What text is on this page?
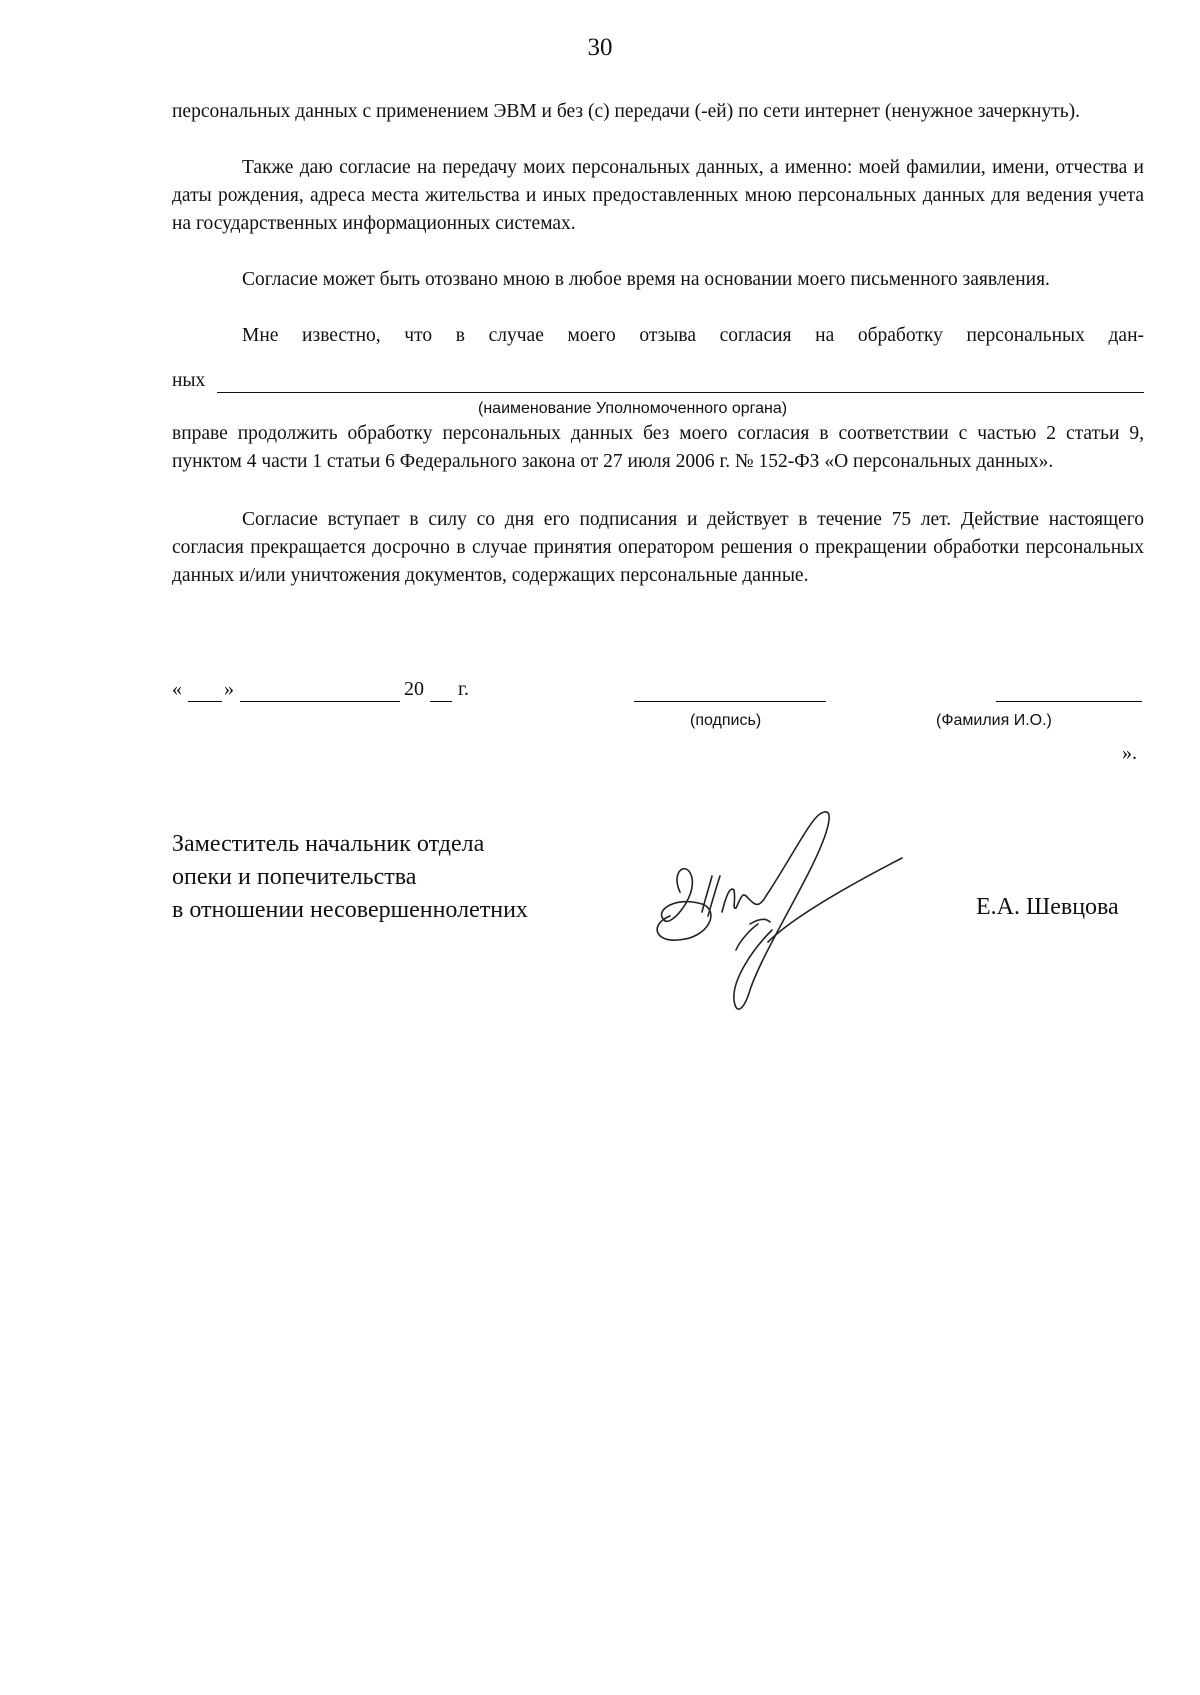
30

персональных данных с применением ЭВМ и без (с) передачи (-ей) по сети интернет (ненужное зачеркнуть).

Также даю согласие на передачу моих персональных данных, а именно: моей фамилии, имени, отчества и даты рождения, адреса места жительства и иных предоставленных мною персональных данных для ведения учета на государственных информационных системах.

Согласие может быть отозвано мною в любое время на основании моего письменного заявления.

Мне известно, что в случае моего отзыва согласия на обработку персональных дан-

ных
(наименование Уполномоченного органа)

вправе продолжить обработку персональных данных без моего согласия в соответствии с частью 2 статьи 9, пунктом 4 части 1 статьи 6 Федерального закона от 27 июля 2006 г. № 152-ФЗ «О персональных данных».

Согласие вступает в силу со дня его подписания и действует в течение 75 лет. Действие настоящего согласия прекращается досрочно в случае принятия оператором решения о прекращении обработки персональных данных и/или уничтожения документов, содержащих персональные данные.

« »	20 г.
(подпись)	(Фамилия И.О.)
».
Заместитель начальник отдела
опеки и попечительства
в отношении несовершеннолетних	Е.А. Шевцова
